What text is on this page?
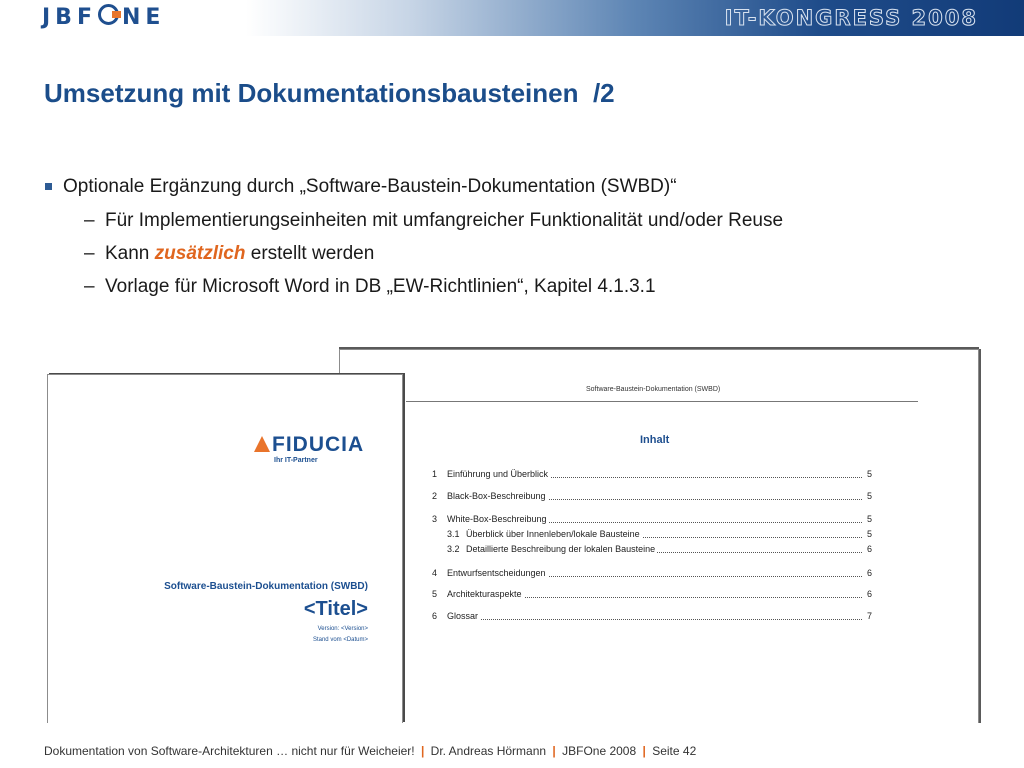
JBF NE	IT-KONGRESS 2008
Umsetzung mit Dokumentationsbausteinen  /2
Optionale Ergänzung durch „Software-Baustein-Dokumentation (SWBD)“
– Für Implementierungseinheiten mit umfangreicher Funktionalität und/oder Reuse
– Kann zusätzlich erstellt werden
– Vorlage für Microsoft Word in DB „EW-Richtlinien“, Kapitel 4.1.3.1
Software-Baustein-Dokumentation (SWBD)
Inhalt
1 Einführung und Überblick	5
2 Black-Box-Beschreibung	5
3 White-Box-Beschreibung	5
3.1 Überblick über Innenleben/lokale Bausteine	5
3.2 Detaillierte Beschreibung der lokalen Bausteine	6
4 Entwurfsentscheidungen	6
5 Architekturaspekte	6
6 Glossar	7
FIDUCIA
Ihr IT-Partner
Software-Baustein-Dokumentation (SWBD)
<Titel>
Version: <Version>
Stand vom <Datum>
Dokumentation von Software-Architekturen … nicht nur für Weicheier! | Dr. Andreas Hörmann | JBFOne 2008 | Seite 42
